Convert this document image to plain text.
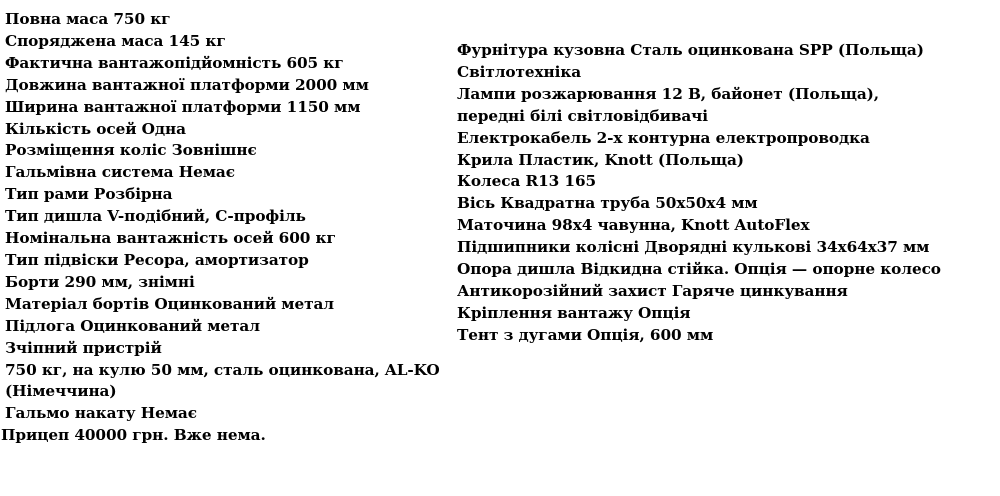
Повна маса 750 кг
Споряджена маса 145 кг
Фактична вантажопідйомність 605 кг
Довжина вантажної платформи 2000 мм
Ширина вантажної платформи 1150 мм
Кількість осей Одна
Розміщення коліс Зовнішнє
Гальмівна система Немає
Тип рами Розбірна
Тип дишла V-подібний, С-профіль
Номінальна вантажність осей 600 кг
Тип підвіски Ресора, амортизатор
Борти 290 мм, знімні
Матеріал бортів Оцинкований метал
Підлога Оцинкований метал
Зчіпний пристрій
750 кг, на кулю 50 мм, сталь оцинкована, AL-KO
(Німеччина)
Гальмо накату Немає
Прицеп 40000 грн. Вже нема.
Фурнітура кузовна Сталь оцинкована SPP (Польща)
Світлотехніка
Лампи розжарювання 12 В, байонет (Польща),
передні білі світловідбивачі
Електрокабель 2-х контурна електропроводка
Крила Пластик, Knott (Польща)
Колеса R13 165
Вісь Квадратна труба 50х50х4 мм
Маточина 98х4 чавунна, Knott AutoFlex
Підшипники колісні Дворядні кулькові 34х64х37 мм
Опора дишла Відкидна стійка. Опція — опорне колесо
Антикорозійний захист Гаряче цинкування
Кріплення вантажу Опція
Тент з дугами Опція, 600 мм
